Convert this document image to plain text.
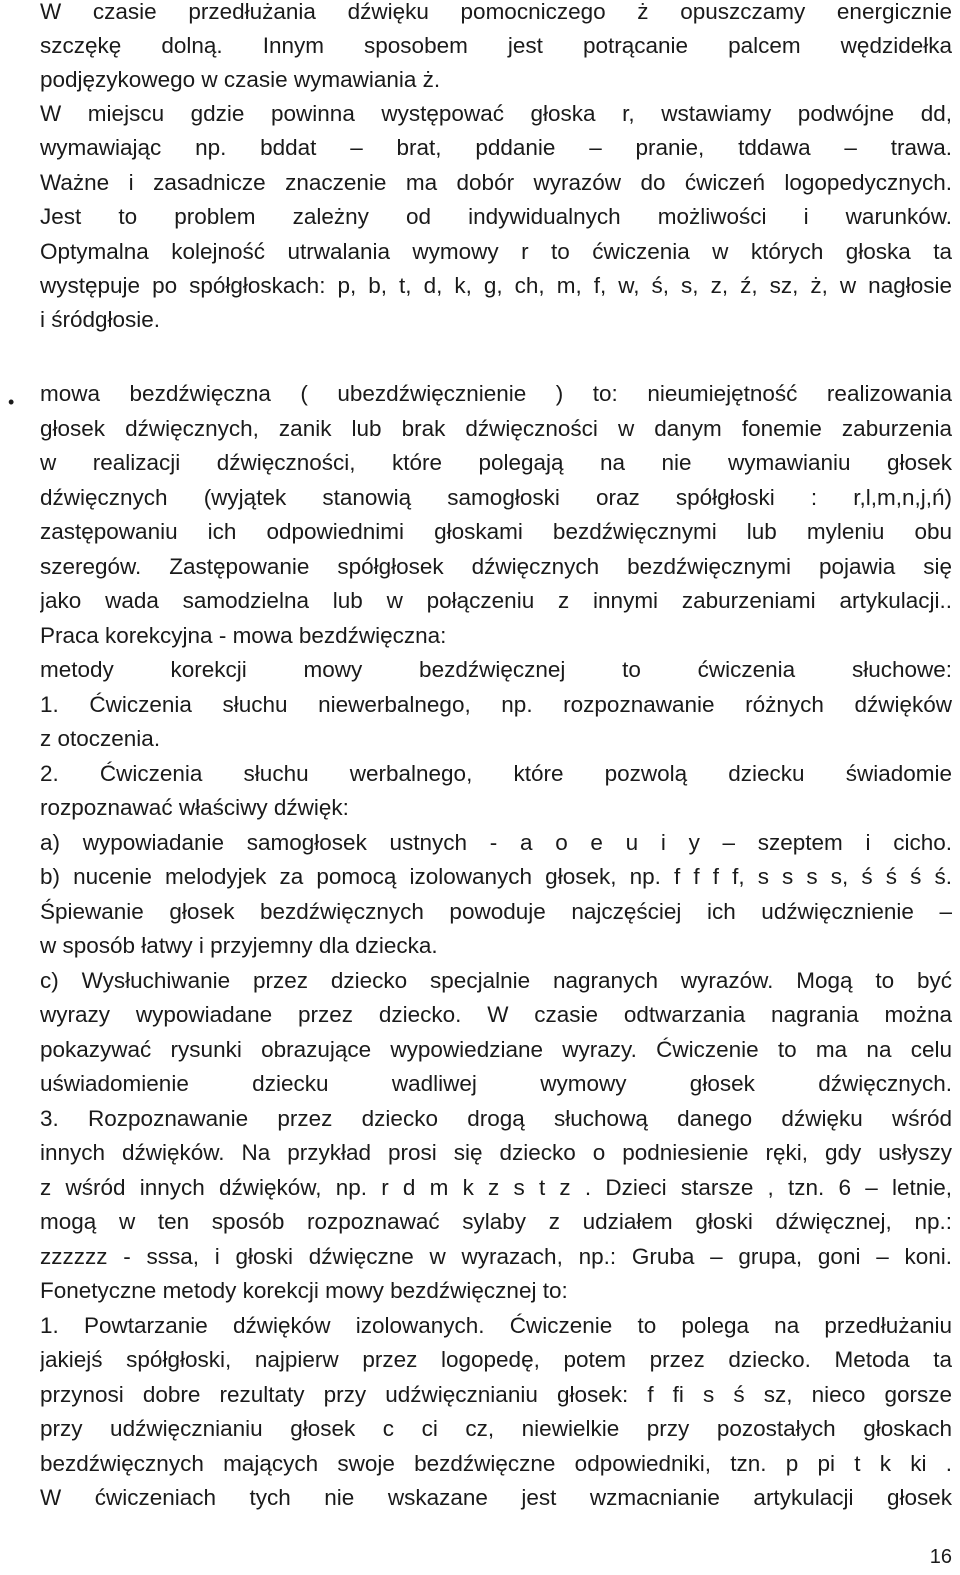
W czasie przedłużania dźwięku pomocniczego ż opuszczamy energicznie
szczękę dolną. Innym sposobem jest potrącanie palcem wędzidełka
podjęzykowego w czasie wymawiania ż.
W miejscu gdzie powinna występować głoska r, wstawiamy podwójne dd,
wymawiając np. bddat – brat, pddanie – pranie, tddawa – trawa.
Ważne i zasadnicze znaczenie ma dobór wyrazów do ćwiczeń logopedycznych.
Jest to problem zależny od indywidualnych możliwości i warunków.
Optymalna kolejność utrwalania wymowy r to ćwiczenia w których głoska ta
występuje po spółgłoskach: p, b, t, d, k, g, ch, m, f, w, ś, s, z, ź, sz, ż, w nagłosie
i śródgłosie.
• mowa bezdźwięczna ( ubezdźwięcznienie ) to: nieumiejętność realizowania
głosek dźwięcznych, zanik lub brak dźwięczności w danym fonemie zaburzenia
w realizacji dźwięczności, które polegają na nie wymawianiu głosek
dźwięcznych (wyjątek stanowią samogłoski oraz spółgłoski : r,l,m,n,j,ń)
zastępowaniu ich odpowiednimi głoskami bezdźwięcznymi lub myleniu obu
szeregów. Zastępowanie spółgłosek dźwięcznych bezdźwięcznymi pojawia się
jako wada samodzielna lub w połączeniu z innymi zaburzeniami artykulacji..
Praca korekcyjna - mowa bezdźwięczna:
metody korekcji mowy bezdźwięcznej to ćwiczenia słuchowe:
1. Ćwiczenia słuchu niewerbalnego, np. rozpoznawanie różnych dźwięków
z otoczenia.
2. Ćwiczenia słuchu werbalnego, które pozwolą dziecku świadomie
rozpoznawać właściwy dźwięk:
a) wypowiadanie samogłosek ustnych - a o e u i y – szeptem i cicho.
b) nucenie melodyjek za pomocą izolowanych głosek, np. f f f f, s s s s, ś ś ś ś.
Śpiewanie głosek bezdźwięcznych powoduje najczęściej ich udźwięcznienie –
w sposób łatwy i przyjemny dla dziecka.
c) Wysłuchiwanie przez dziecko specjalnie nagranych wyrazów. Mogą to być
wyrazy wypowiadane przez dziecko. W czasie odtwarzania nagrania można
pokazywać rysunki obrazujące wypowiedziane wyrazy. Ćwiczenie to ma na celu
uświadomienie dziecku wadliwej wymowy głosek dźwięcznych.
3. Rozpoznawanie przez dziecko drogą słuchową danego dźwięku wśród
innych dźwięków. Na przykład prosi się dziecko o podniesienie ręki, gdy usłyszy
z wśród innych dźwięków, np. r d m k z s t z . Dzieci starsze , tzn. 6 – letnie,
mogą w ten sposób rozpoznawać sylaby z udziałem głoski dźwięcznej, np.:
zzzzzz - sssa, i głoski dźwięczne w wyrazach, np.: Gruba – grupa, goni – koni.
Fonetyczne metody korekcji mowy bezdźwięcznej to:
1. Powtarzanie dźwięków izolowanych. Ćwiczenie to polega na przedłużaniu
jakiejś spółgłoski, najpierw przez logopedę, potem przez dziecko. Metoda ta
przynosi dobre rezultaty przy udźwięcznianiu głosek: f fi s ś sz, nieco gorsze
przy udźwięcznianiu głosek c ci cz, niewielkie przy pozostałych głoskach
bezdźwięcznych mających swoje bezdźwięczne odpowiedniki, tzn. p pi t k ki .
W ćwiczeniach tych nie wskazane jest wzmacnianie artykulacji głosek
16
